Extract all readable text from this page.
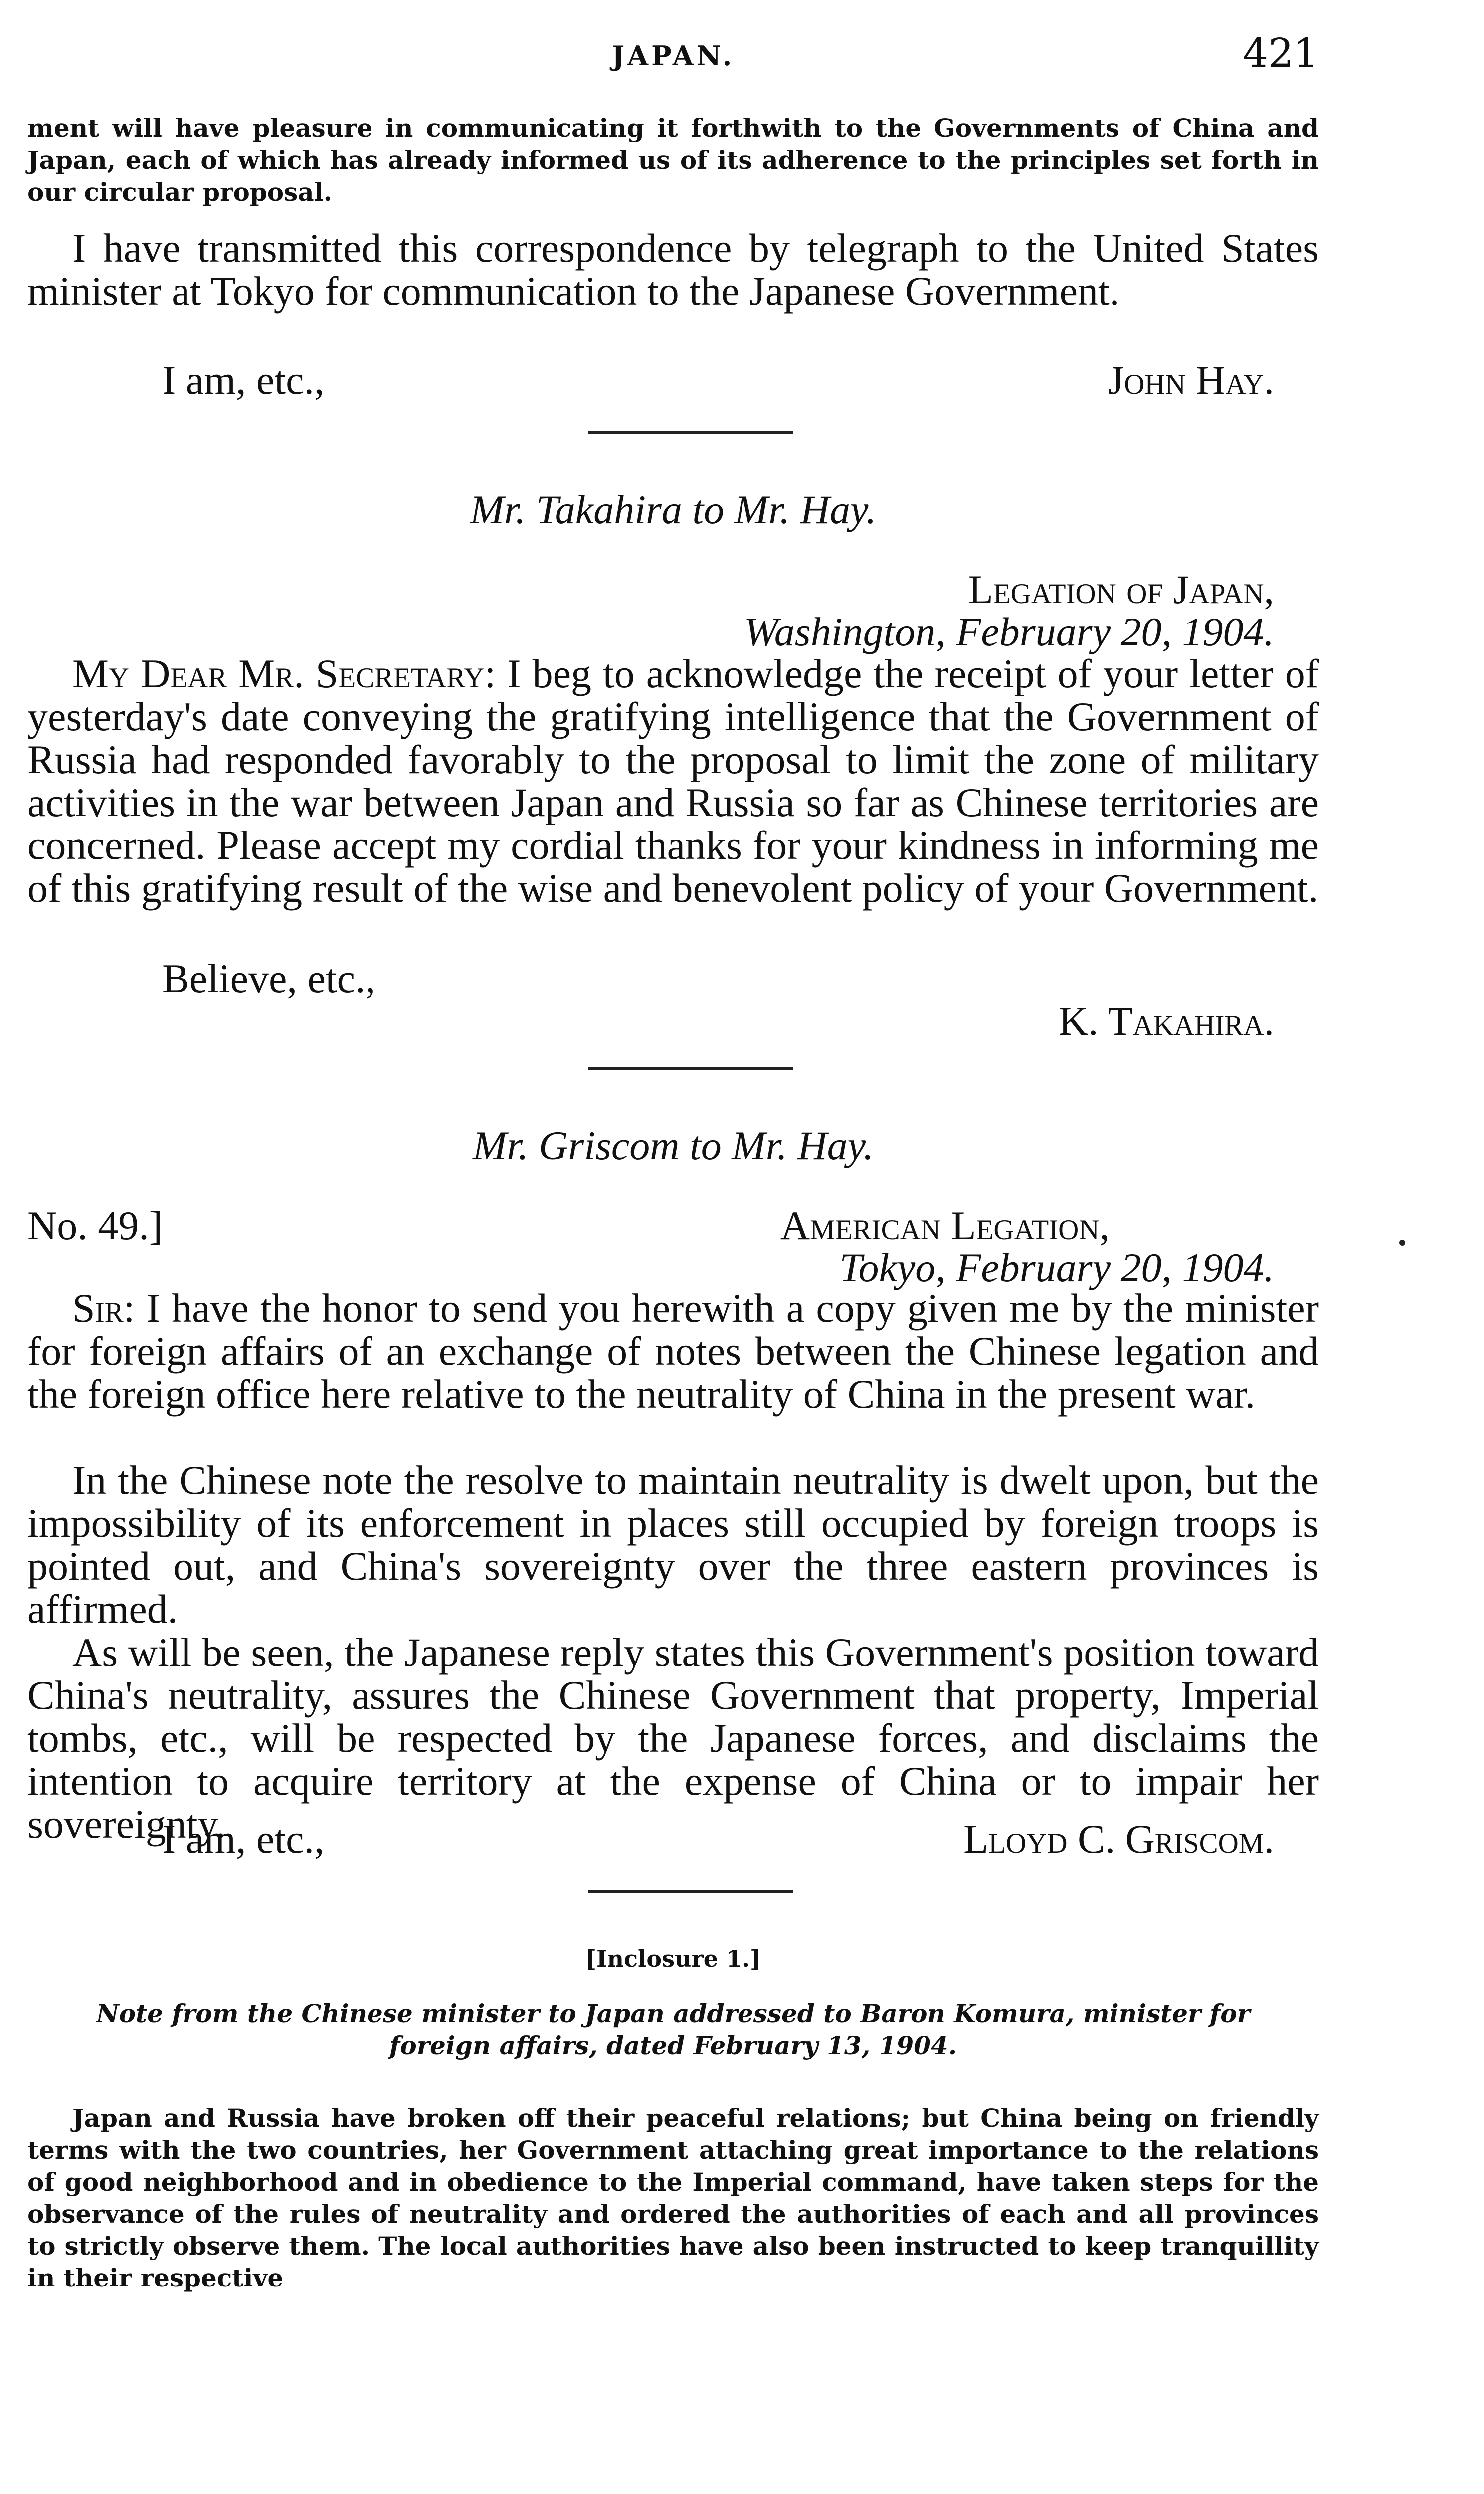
JAPAN.	421
ment will have pleasure in communicating it forthwith to the Governments of China and Japan, each of which has already informed us of its adherence to the principles set forth in our circular proposal.
I have transmitted this correspondence by telegraph to the United States minister at Tokyo for communication to the Japanese Government.
I am, etc.,	John Hay.
Mr. Takahira to Mr. Hay.
Legation of Japan,
Washington, February 20, 1904.
My Dear Mr. Secretary: I beg to acknowledge the receipt of your letter of yesterday's date conveying the gratifying intelligence that the Government of Russia had responded favorably to the proposal to limit the zone of military activities in the war between Japan and Russia so far as Chinese territories are concerned. Please accept my cordial thanks for your kindness in informing me of this gratifying result of the wise and benevolent policy of your Government.
Believe, etc.,
K. Takahira.
Mr. Griscom to Mr. Hay.
No. 49.]	American Legation,
Tokyo, February 20, 1904.
Sir: I have the honor to send you herewith a copy given me by the minister for foreign affairs of an exchange of notes between the Chinese legation and the foreign office here relative to the neutrality of China in the present war.
In the Chinese note the resolve to maintain neutrality is dwelt upon, but the impossibility of its enforcement in places still occupied by foreign troops is pointed out, and China's sovereignty over the three eastern provinces is affirmed.
As will be seen, the Japanese reply states this Government's position toward China's neutrality, assures the Chinese Government that property, Imperial tombs, etc., will be respected by the Japanese forces, and disclaims the intention to acquire territory at the expense of China or to impair her sovereignty.
I am, etc.,	Lloyd C. Griscom.
[Inclosure 1.]
Note from the Chinese minister to Japan addressed to Baron Komura, minister for foreign affairs, dated February 13, 1904.
Japan and Russia have broken off their peaceful relations; but China being on friendly terms with the two countries, her Government attaching great importance to the relations of good neighborhood and in obedience to the Imperial command, have taken steps for the observance of the rules of neutrality and ordered the authorities of each and all provinces to strictly observe them. The local authorities have also been instructed to keep tranquillity in their respective
